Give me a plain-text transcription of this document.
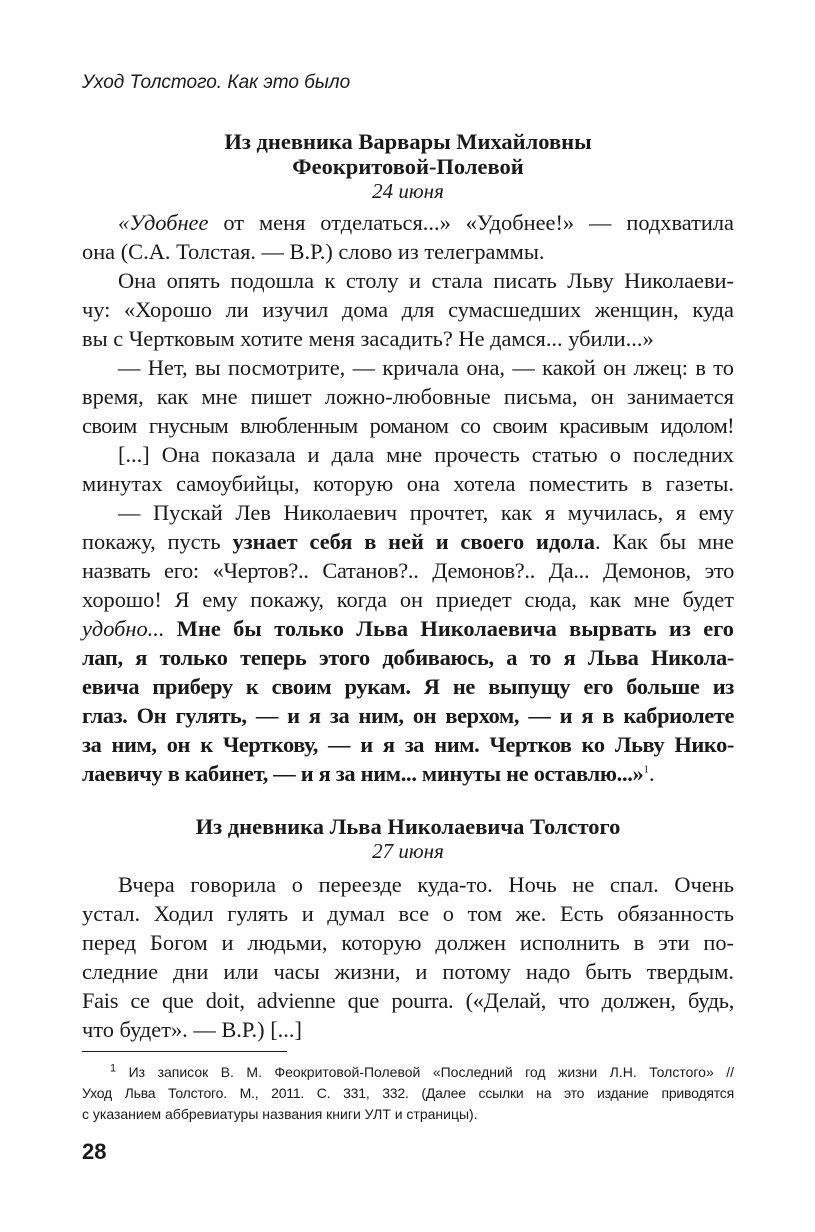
Уход Толстого. Как это было
Из дневника Варвары Михайловны
Феокритовой-Полевой
24 июня
«Удобнее от меня отделаться...» «Удобнее!» — подхватила
она (С.А. Толстая. — В.Р.) слово из телеграммы.
Она опять подошла к столу и стала писать Льву Николаеви-
чу: «Хорошо ли изучил дома для сумасшедших женщин, куда
вы с Чертковым хотите меня засадить? Не дамся... убили...»
— Нет, вы посмотрите, — кричала она, — какой он лжец: в то
время, как мне пишет ложно-любовные письма, он занимается
своим гнусным влюбленным романом со своим красивым идолом!
[...] Она показала и дала мне прочесть статью о последних
минутах самоубийцы, которую она хотела поместить в газеты.
— Пускай Лев Николаевич прочтет, как я мучилась, я ему
покажу, пусть узнает себя в ней и своего идола. Как бы мне
назвать его: «Чертов?.. Сатанов?.. Демонов?.. Да... Демонов, это
хорошо! Я ему покажу, когда он приедет сюда, как мне будет
удобно... Мне бы только Льва Николаевича вырвать из его
лап, я только теперь этого добиваюсь, а то я Льва Никола-
евича приберу к своим рукам. Я не выпущу его больше из
глаз. Он гулять, — и я за ним, он верхом, — и я в кабриолете
за ним, он к Черткову, — и я за ним. Чертков ко Льву Нико-
лаевичу в кабинет, — и я за ним... минуты не оставлю...»$^1$.
Из дневника Льва Николаевича Толстого
27 июня
Вчера говорила о переезде куда-то. Ночь не спал. Очень
устал. Ходил гулять и думал все о том же. Есть обязанность
перед Богом и людьми, которую должен исполнить в эти по-
следние дни или часы жизни, и потому надо быть твердым.
Fais ce que doit, advienne que pourra. («Делай, что должен, будь,
что будет». — В.Р.) [...]
$^1$ Из записок В. М. Феокритовой-Полевой «Последний год жизни Л.Н. Толстого» //
Уход Льва Толстого. М., 2011. С. 331, 332. (Далее ссылки на это издание приводятся
с указанием аббревиатуры названия книги УЛТ и страницы).
28
